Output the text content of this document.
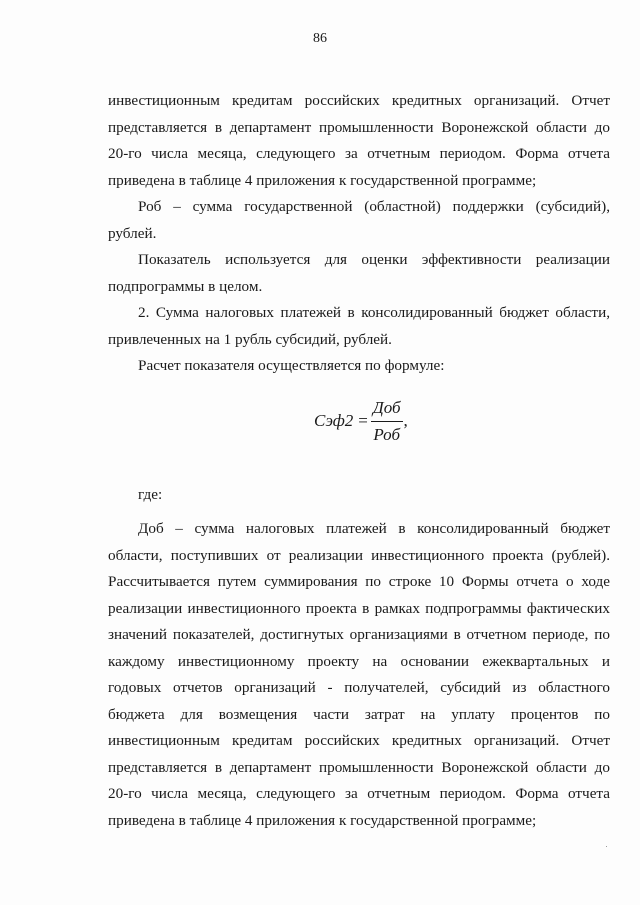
86

инвестиционным кредитам российских кредитных организаций. Отчет представляется в департамент промышленности Воронежской области до 20-го числа месяца, следующего за отчетным периодом. Форма отчета приведена в таблице 4 приложения к государственной программе;

Роб – сумма государственной (областной) поддержки (субсидий), рублей.

Показатель используется для оценки эффективности реализации подпрограммы в целом.

2. Сумма налоговых платежей в консолидированный бюджет области, привлеченных на 1 рубль субсидий, рублей.

Расчет показателя осуществляется по формуле:

$Сэф2 = \frac{\text{Доб}}{\text{Роб}}$ ,

где:

Доб – сумма налоговых платежей в консолидированный бюджет области, поступивших от реализации инвестиционного проекта (рублей). Рассчитывается путем суммирования по строке 10 Формы отчета о ходе реализации инвестиционного проекта в рамках подпрограммы фактических значений показателей, достигнутых организациями в отчетном периоде, по каждому инвестиционному проекту на основании ежеквартальных и годовых отчетов организаций - получателей, субсидий из областного бюджета для возмещения части затрат на уплату процентов по инвестиционным кредитам российских кредитных организаций. Отчет представляется в департамент промышленности Воронежской области до 20-го числа месяца, следующего за отчетным периодом. Форма отчета приведена в таблице 4 приложения к государственной программе;
